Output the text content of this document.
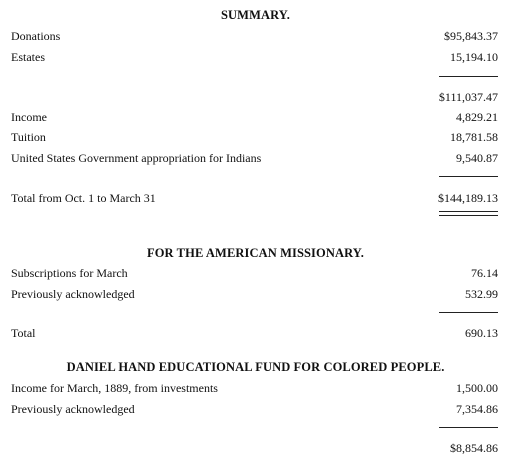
SUMMARY.
Donations	$95,843.37
Estates	15,194.10
$111,037.47
Income	4,829.21
Tuition	18,781.58
United States Government appropriation for Indians	9,540.87
Total from Oct. 1 to March 31	$144,189.13
FOR THE AMERICAN MISSIONARY.
Subscriptions for March	76.14
Previously acknowledged	532.99
Total	690.13
DANIEL HAND EDUCATIONAL FUND FOR COLORED PEOPLE.
Income for March, 1889, from investments	1,500.00
Previously acknowledged	7,354.86
$8,854.86
